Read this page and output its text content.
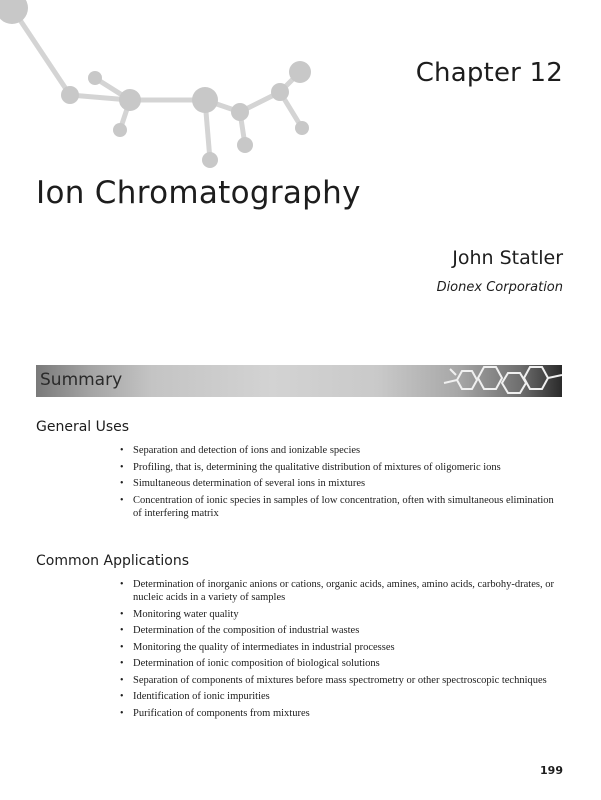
Chapter 12
Ion Chromatography
John Statler
Dionex Corporation
Summary
General Uses
• Separation and detection of ions and ionizable species
• Profiling, that is, determining the qualitative distribution of mixtures of oligomeric ions
• Simultaneous determination of several ions in mixtures
• Concentration of ionic species in samples of low concentration, often with simultaneous elimination of interfering matrix
Common Applications
• Determination of inorganic anions or cations, organic acids, amines, amino acids, carbohy-drates, or nucleic acids in a variety of samples
• Monitoring water quality
• Determination of the composition of industrial wastes
• Monitoring the quality of intermediates in industrial processes
• Determination of ionic composition of biological solutions
• Separation of components of mixtures before mass spectrometry or other spectroscopic techniques
• Identification of ionic impurities
• Purification of components from mixtures
199
